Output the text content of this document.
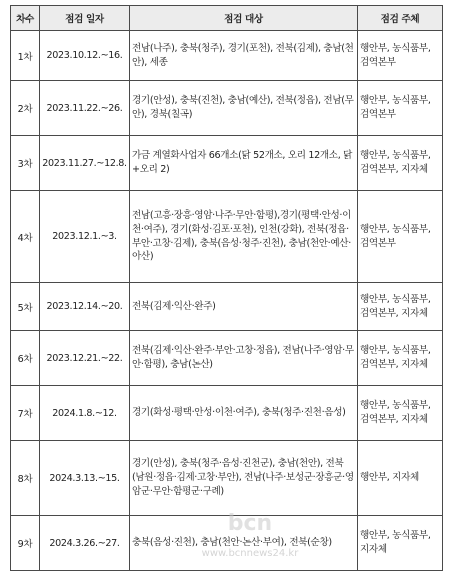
차수	점검 일자	점검 대상	점검 주체
1차	2023.10.12.~16.	전남(나주), 충북(청주), 경기(포천), 전북(김제), 충남(천안), 세종	행안부, 농식품부, 검역본부
2차	2023.11.22.~26.	경기(안성), 충북(진천), 충남(예산), 전북(정읍), 전남(무안), 경북(칠곡)	행안부, 농식품부, 검역본부
3차	2023.11.27.~12.8.	가금 계열화사업자 66개소(닭 52개소, 오리 12개소, 닭+오리 2)	행안부, 농식품부, 검역본부, 지자체
4차	2023.12.1.~3.	전남(고흥·장흥·영암·나주·무안·함평),경기(평택·안성·이천·여주), 경기(화성·김포·포천), 인천(강화), 전북(정읍·부안·고창·김제), 충북(음성·청주·진천), 충남(천안·예산·아산)	행안부, 농식품부, 검역본부
5차	2023.12.14.~20.	전북(김제·익산·완주)	행안부, 농식품부, 검역본부, 지자체
6차	2023.12.21.~22.	전북(김제·익산·완주·부안·고창·정읍), 전남(나주·영암·무안·함평), 충남(논산)	행안부, 농식품부, 검역본부, 지자체
7차	2024.1.8.~12.	경기(화성·평택·안성·이천·여주), 충북(청주·진천·음성)	행안부, 농식품부, 검역본부, 지자체
8차	2024.3.13.~15.	경기(안성), 충북(청주·음성·진천군), 충남(천안), 전북(남원·정읍·김제·고창·부안), 전남(나주·보성군·장흥군·영암군·무안·함평군·구례)	행안부, 지자체
9차	2024.3.26.~27.	충북(음성·진천), 충남(천안·논산·부여), 전북(순창)	행안부, 농식품부, 지자체
bcn
www.bcnnews24.kr
